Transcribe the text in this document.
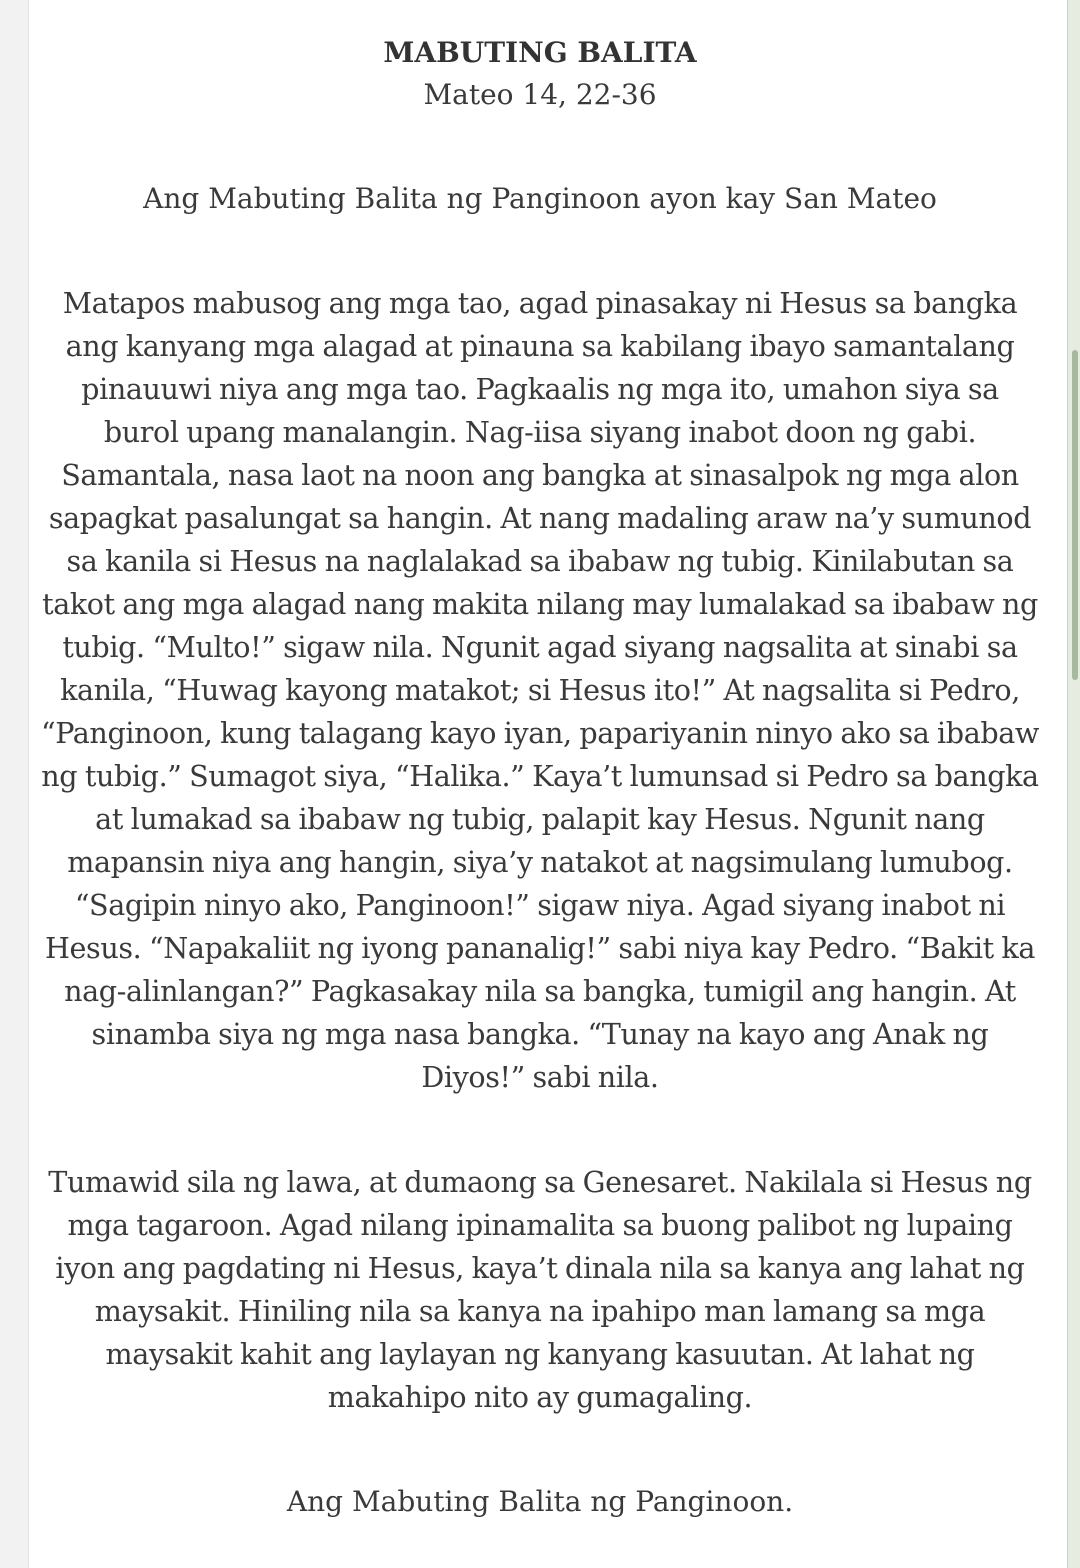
MABUTING BALITA

Mateo 14, 22-36

Ang Mabuting Balita ng Panginoon ayon kay San Mateo

Matapos mabusog ang mga tao, agad pinasakay ni Hesus sa bangka ang kanyang mga alagad at pinauna sa kabilang ibayo samantalang pinauuwi niya ang mga tao. Pagkaalis ng mga ito, umahon siya sa burol upang manalangin. Nag-iisa siyang inabot doon ng gabi. Samantala, nasa laot na noon ang bangka at sinasalpok ng mga alon sapagkat pasalungat sa hangin. At nang madaling araw na’y sumunod sa kanila si Hesus na naglalakad sa ibabaw ng tubig. Kinilabutan sa takot ang mga alagad nang makita nilang may lumalakad sa ibabaw ng tubig. “Multo!” sigaw nila. Ngunit agad siyang nagsalita at sinabi sa kanila, “Huwag kayong matakot; si Hesus ito!” At nagsalita si Pedro, “Panginoon, kung talagang kayo iyan, papariyanin ninyo ako sa ibabaw ng tubig.” Sumagot siya, “Halika.” Kaya’t lumunsad si Pedro sa bangka at lumakad sa ibabaw ng tubig, palapit kay Hesus. Ngunit nang mapansin niya ang hangin, siya’y natakot at nagsimulang lumubog. “Sagipin ninyo ako, Panginoon!” sigaw niya. Agad siyang inabot ni Hesus. “Napakaliit ng iyong pananalig!” sabi niya kay Pedro. “Bakit ka nag-alinlangan?” Pagkasakay nila sa bangka, tumigil ang hangin. At sinamba siya ng mga nasa bangka. “Tunay na kayo ang Anak ng Diyos!” sabi nila.

Tumawid sila ng lawa, at dumaong sa Genesaret. Nakilala si Hesus ng mga tagaroon. Agad nilang ipinamalita sa buong palibot ng lupaing iyon ang pagdating ni Hesus, kaya’t dinala nila sa kanya ang lahat ng maysakit. Hiniling nila sa kanya na ipahipo man lamang sa mga maysakit kahit ang laylayan ng kanyang kasuutan. At lahat ng makahipo nito ay gumagaling.

Ang Mabuting Balita ng Panginoon.
